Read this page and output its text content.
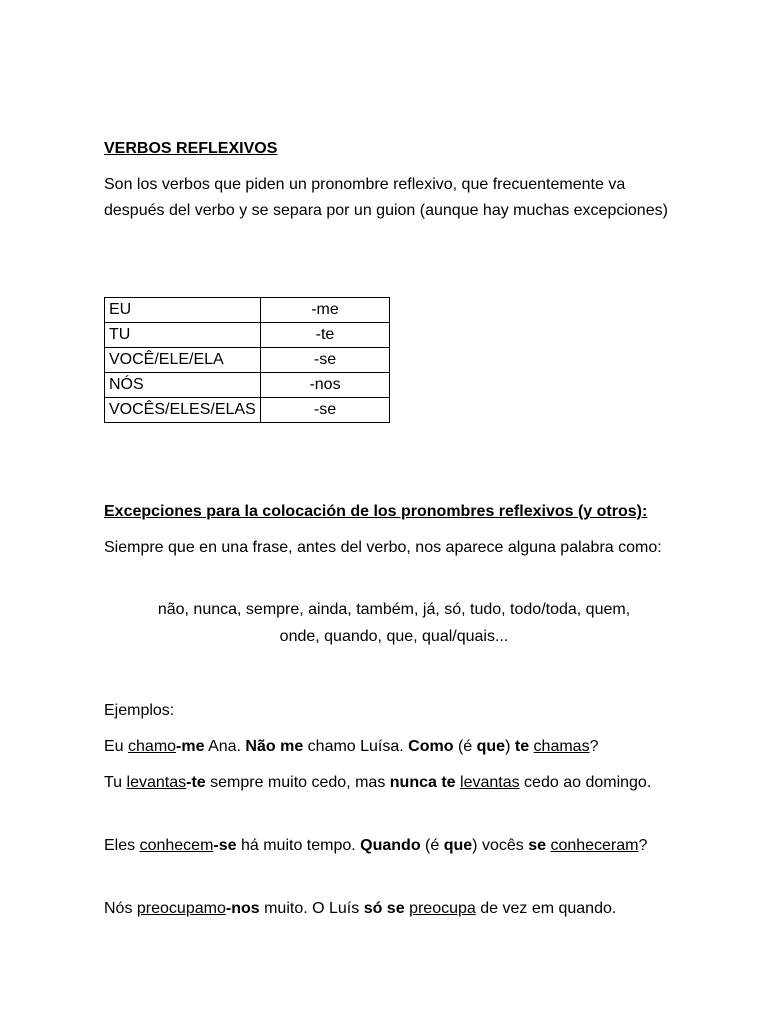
VERBOS REFLEXIVOS

Son los verbos que piden un pronombre reflexivo, que frecuentemente va después del verbo y se separa por un guion (aunque hay muchas excepciones)

EU	-me
TU	-te
VOCÊ/ELE/ELA	-se
NÓS	-nos
VOCÊS/ELES/ELAS	-se

Excepciones para la colocación de los pronombres reflexivos (y otros):

Siempre que en una frase, antes del verbo, nos aparece alguna palabra como:

não, nunca, sempre, ainda, também, já, só, tudo, todo/toda, quem,

onde, quando, que, qual/quais...

Ejemplos:

Eu chamo-me Ana. Não me chamo Luísa. Como (é que) te chamas?

Tu levantas-te sempre muito cedo, mas nunca te levantas cedo ao domingo.

Eles conhecem-se há muito tempo. Quando (é que) vocês se conheceram?

Nós preocupamo-nos muito. O Luís só se preocupa de vez em quando.
